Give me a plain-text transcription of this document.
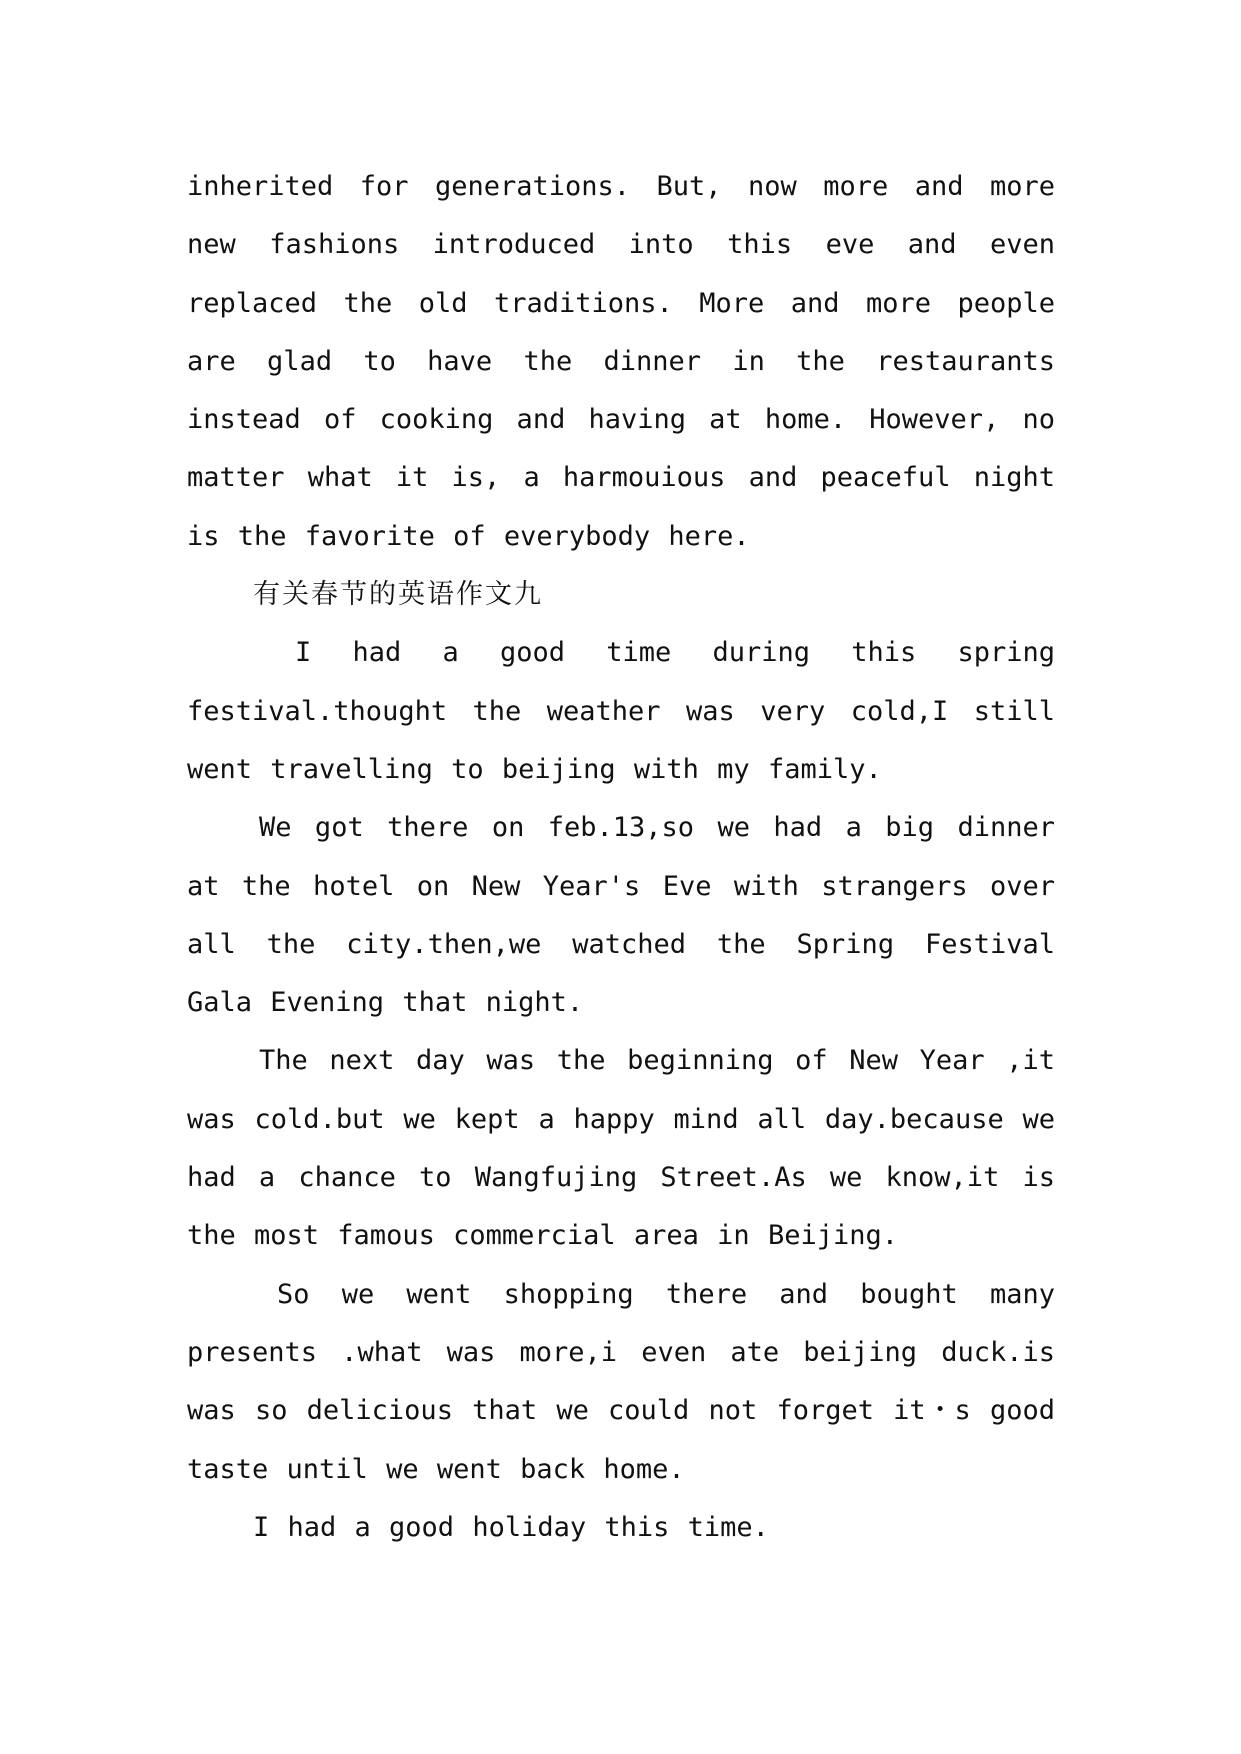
inherited for generations. But, now more and more new fashions introduced into this eve and even replaced the old traditions. More and more people are glad to have the dinner in the restaurants instead of cooking and having at home. However, no matter what it is, a harmouious and peaceful night is the favorite of everybody here.

有关春节的英语作文九

I had a good time during this spring festival.thought the weather was very cold,I still went travelling to beijing with my family.

We got there on feb.13,so we had a big dinner at the hotel on New Year's Eve with strangers over all the city.then,we watched the Spring Festival Gala Evening that night.

The next day was the beginning of New Year ,it was cold.but we kept a happy mind all day.because we had a chance to Wangfujing Street.As we know,it is the most famous commercial area in Beijing.

So we went shopping there and bought many presents .what was more,i even ate beijing duck.is was so delicious that we could not forget it・s good taste until we went back home.

I had a good holiday this time.
